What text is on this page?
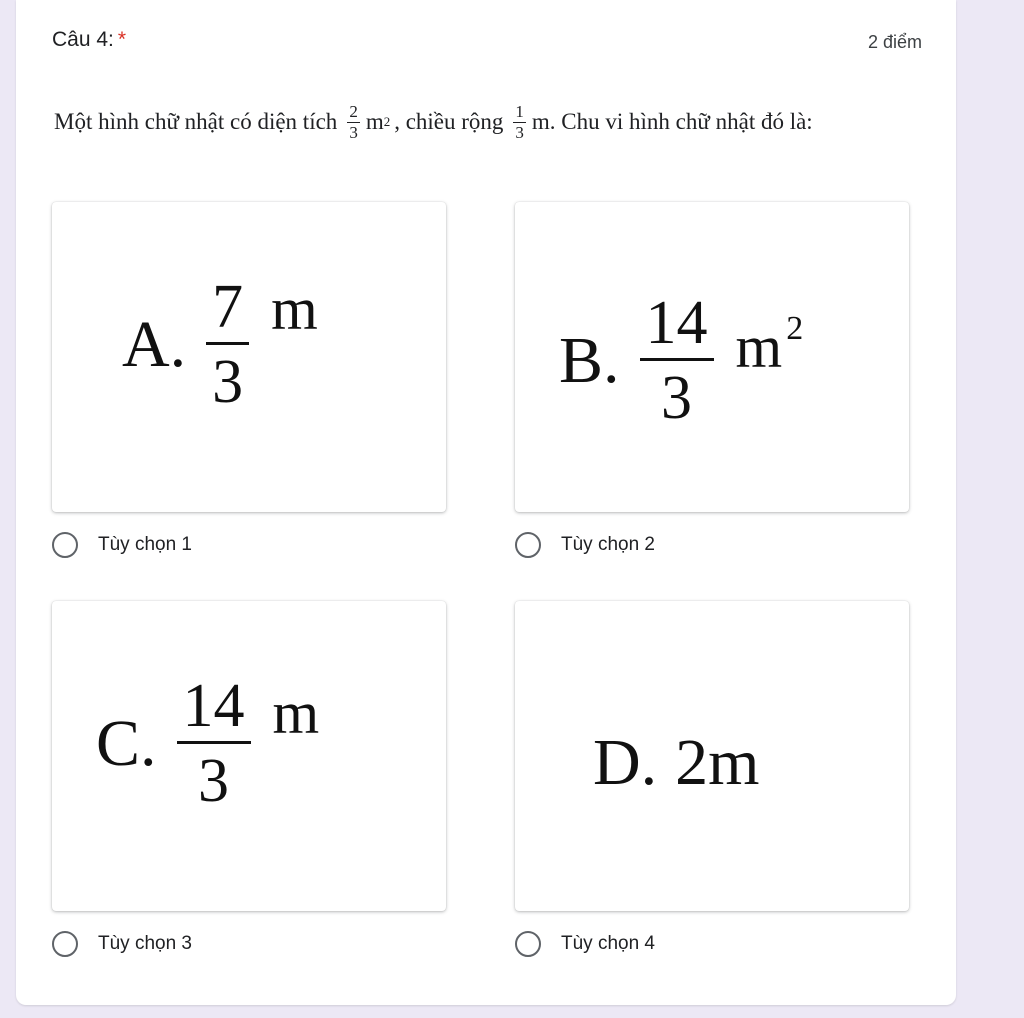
Câu 4: *	2 điểm
Một hình chữ nhật có diện tích $\frac{2}{3}$ m 2 , chiều rộng $\frac{1}{3} m$. Chu vi hình chữ nhật đó là:
A. $\frac{7}{3}$ m
Tùy chọn 1
B. $\frac{14}{3}$ m $^2$
Tùy chọn 2
C. $\frac{14}{3}$ m
Tùy chọn 3
D. 2m
Tùy chọn 4
